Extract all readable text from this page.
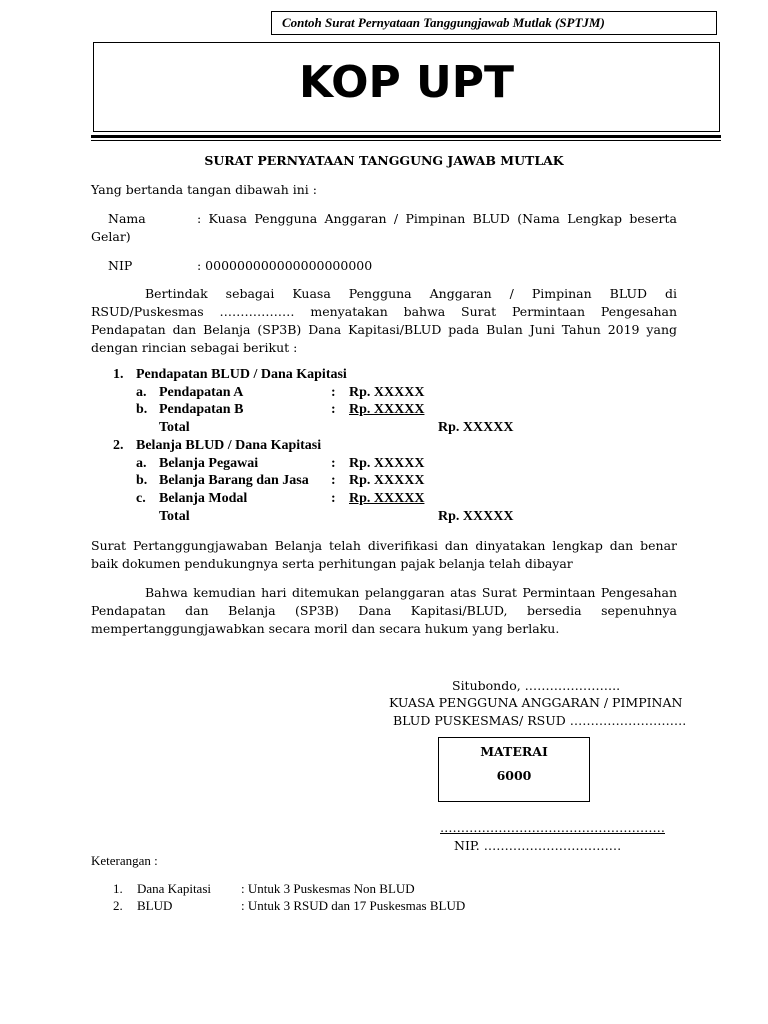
Contoh Surat Pernyataan Tanggungjawab Mutlak (SPTJM)
KOP UPT
SURAT PERNYATAAN TANGGUNG JAWAB MUTLAK
Yang bertanda tangan dibawah ini :
Nama	: Kuasa Pengguna Anggaran / Pimpinan BLUD (Nama Lengkap beserta
Gelar)
NIP	: 000000000000000000000
Bertindak sebagai Kuasa Pengguna Anggaran / Pimpinan BLUD di
RSUD/Puskesmas ……………… menyatakan bahwa Surat Permintaan Pengesahan
Pendapatan dan Belanja (SP3B) Dana Kapitasi/BLUD pada Bulan Juni Tahun 2019 yang
dengan rincian sebagai berikut :
1. Pendapatan BLUD / Dana Kapitasi
a. Pendapatan A	: Rp. XXXXX
b. Pendapatan B	: Rp. XXXXX
Total	Rp. XXXXX
2. Belanja BLUD / Dana Kapitasi
a. Belanja Pegawai	: Rp. XXXXX
b. Belanja Barang dan Jasa : Rp. XXXXX
c. Belanja Modal	: Rp. XXXXX
Total	Rp. XXXXX
Surat Pertanggungjawaban Belanja telah diverifikasi dan dinyatakan lengkap dan benar
baik dokumen pendukungnya serta perhitungan pajak belanja telah dibayar
Bahwa kemudian hari ditemukan pelanggaran atas Surat Permintaan Pengesahan
Pendapatan dan Belanja (SP3B) Dana Kapitasi/BLUD, bersedia sepenuhnya
mempertanggungjawabkan secara moril dan secara hukum yang berlaku.
Situbondo, …………………..
KUASA PENGGUNA ANGGARAN / PIMPINAN
BLUD PUSKESMAS/ RSUD ……………………….
MATERAI
6000
………………………………………………
NIP. ……………………………
Keterangan :
1. Dana Kapitasi : Untuk 3 Puskesmas Non BLUD
2. BLUD	: Untuk 3 RSUD dan 17 Puskesmas BLUD
